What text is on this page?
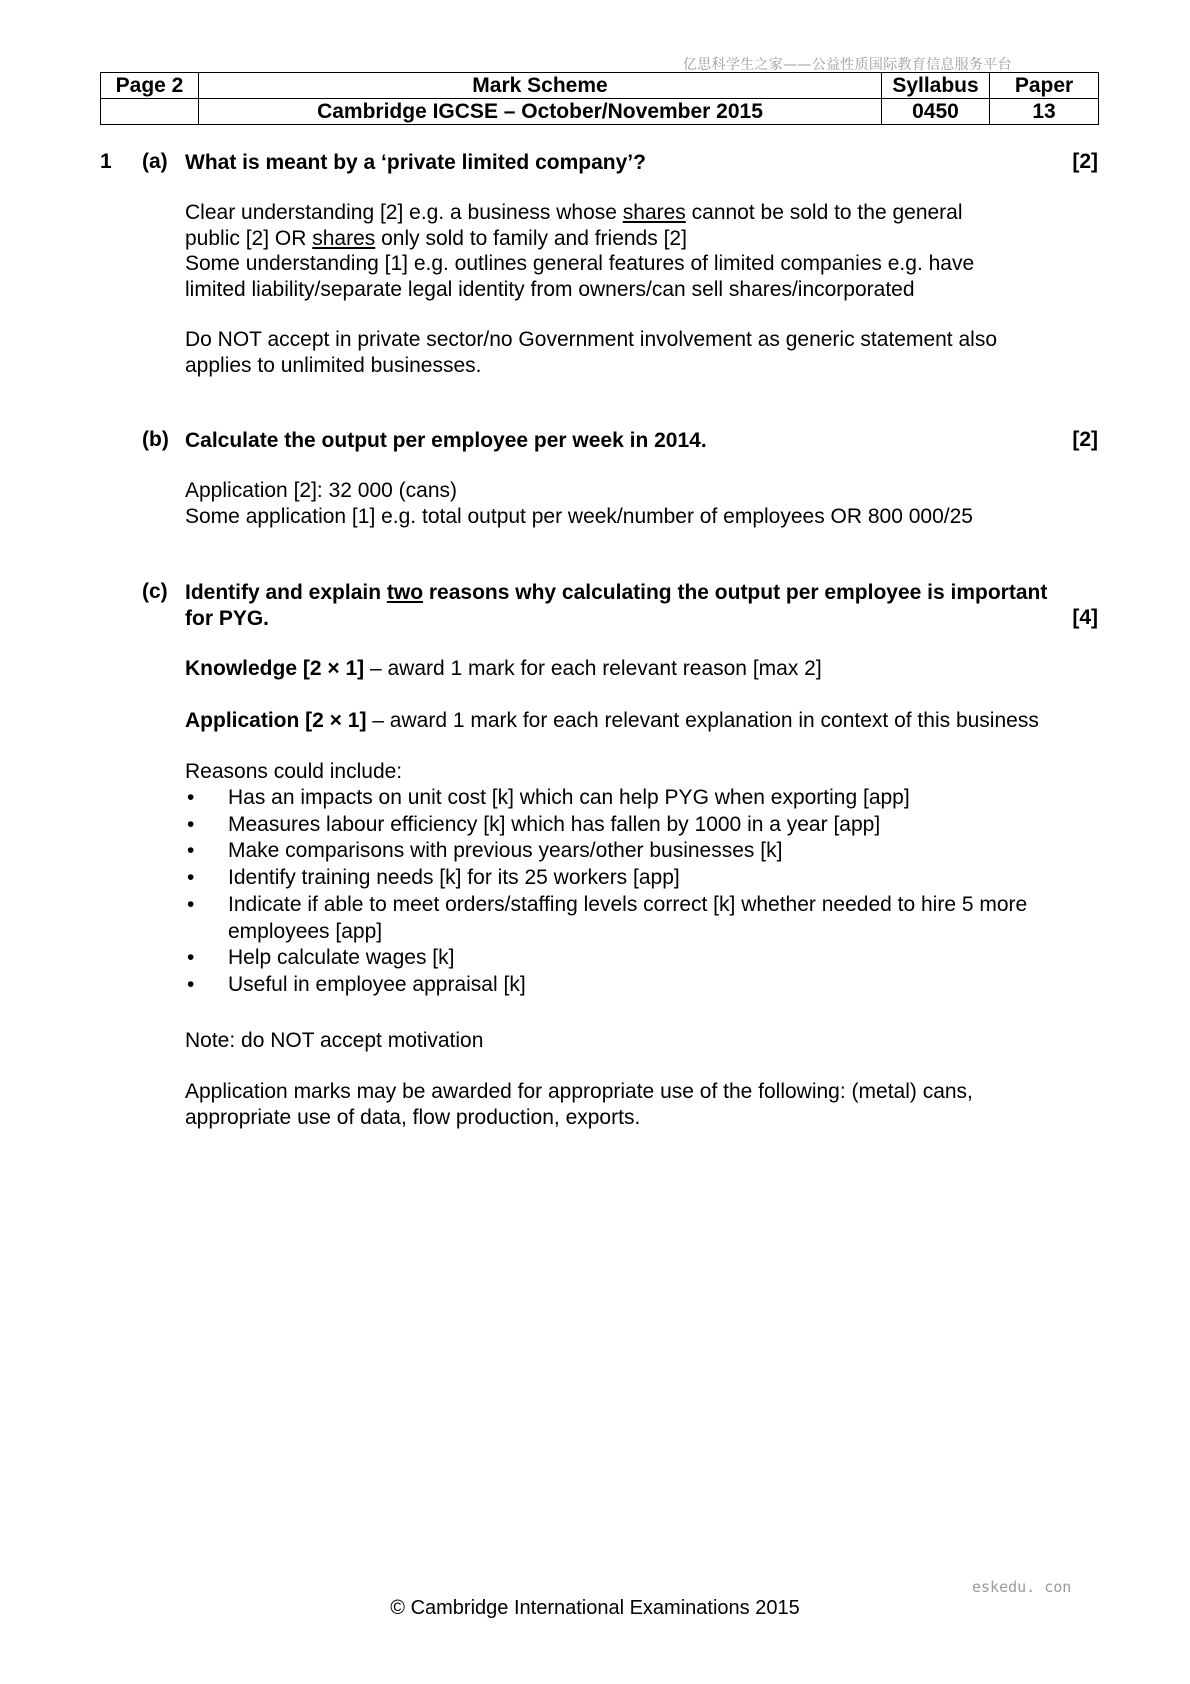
亿思科学生之家——公益性质国际教育信息服务平台
Page 2	Mark Scheme	Syllabus	Paper
	Cambridge IGCSE – October/November 2015	0450	13
1 (a) What is meant by a ‘private limited company’?	[2]
Clear understanding [2] e.g. a business whose shares cannot be sold to the general
public [2] OR shares only sold to family and friends [2]
Some understanding [1] e.g. outlines general features of limited companies e.g. have
limited liability/separate legal identity from owners/can sell shares/incorporated
Do NOT accept in private sector/no Government involvement as generic statement also
applies to unlimited businesses.
(b) Calculate the output per employee per week in 2014.	[2]
Application [2]: 32 000 (cans)
Some application [1] e.g. total output per week/number of employees OR 800 000/25
(c) Identify and explain two reasons why calculating the output per employee is important
for PYG.	[4]
Knowledge [2 × 1] – award 1 mark for each relevant reason [max 2]
Application [2 × 1] – award 1 mark for each relevant explanation in context of this business
Reasons could include:
• Has an impacts on unit cost [k] which can help PYG when exporting [app]
• Measures labour efficiency [k] which has fallen by 1000 in a year [app]
• Make comparisons with previous years/other businesses [k]
• Identify training needs [k] for its 25 workers [app]
• Indicate if able to meet orders/staffing levels correct [k] whether needed to hire 5 more employees [app]
• Help calculate wages [k]
• Useful in employee appraisal [k]
Note: do NOT accept motivation
Application marks may be awarded for appropriate use of the following: (metal) cans,
appropriate use of data, flow production, exports.
eskedu. con
© Cambridge International Examinations 2015
